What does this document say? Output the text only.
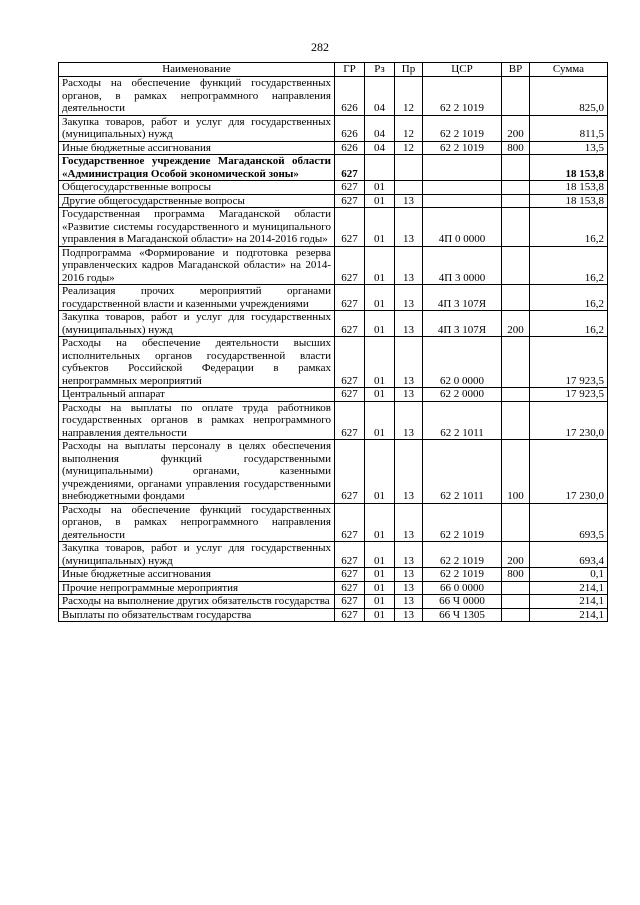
282
Наименование	ГР	Рз	Пр	ЦСР	ВР	Сумма
Расходы на обеспечение функций государственных органов, в рамках непрограммного направления деятельности	626	04	12	62 2 1019		825,0
Закупка товаров, работ и услуг для государственных (муниципальных) нужд	626	04	12	62 2 1019	200	811,5
Иные бюджетные ассигнования	626	04	12	62 2 1019	800	13,5
Государственное учреждение Магаданской области «Администрация Особой экономической зоны»	627					18 153,8
Общегосударственные вопросы	627	01				18 153,8
Другие общегосударственные вопросы	627	01	13			18 153,8
Государственная программа Магаданской области «Развитие системы государственного и муниципального управления в Магаданской области» на 2014-2016 годы»	627	01	13	4П 0 0000		16,2
Подпрограмма «Формирование и подготовка резерва управленческих кадров Магаданской области» на 2014-2016 годы»	627	01	13	4П 3 0000		16,2
Реализация прочих мероприятий органами государственной власти и казенными учреждениями	627	01	13	4П 3 107Я		16,2
Закупка товаров, работ и услуг для государственных (муниципальных) нужд	627	01	13	4П 3 107Я	200	16,2
Расходы на обеспечение деятельности высших исполнительных органов государственной власти субъектов Российской Федерации в рамках непрограммных мероприятий	627	01	13	62 0 0000		17 923,5
Центральный аппарат	627	01	13	62 2 0000		17 923,5
Расходы на выплаты по оплате труда работников государственных органов в рамках непрограммного направления деятельности	627	01	13	62 2 1011		17 230,0
Расходы на выплаты персоналу в целях обеспечения выполнения функций государственными (муниципальными) органами, казенными учреждениями, органами управления государственными внебюджетными фондами	627	01	13	62 2 1011	100	17 230,0
Расходы на обеспечение функций государственных органов, в рамках непрограммного направления деятельности	627	01	13	62 2 1019		693,5
Закупка товаров, работ и услуг для государственных (муниципальных) нужд	627	01	13	62 2 1019	200	693,4
Иные бюджетные ассигнования	627	01	13	62 2 1019	800	0,1
Прочие непрограммные мероприятия	627	01	13	66 0 0000		214,1
Расходы на выполнение других обязательств государства	627	01	13	66 Ч 0000		214,1
Выплаты по обязательствам государства	627	01	13	66 Ч 1305		214,1
